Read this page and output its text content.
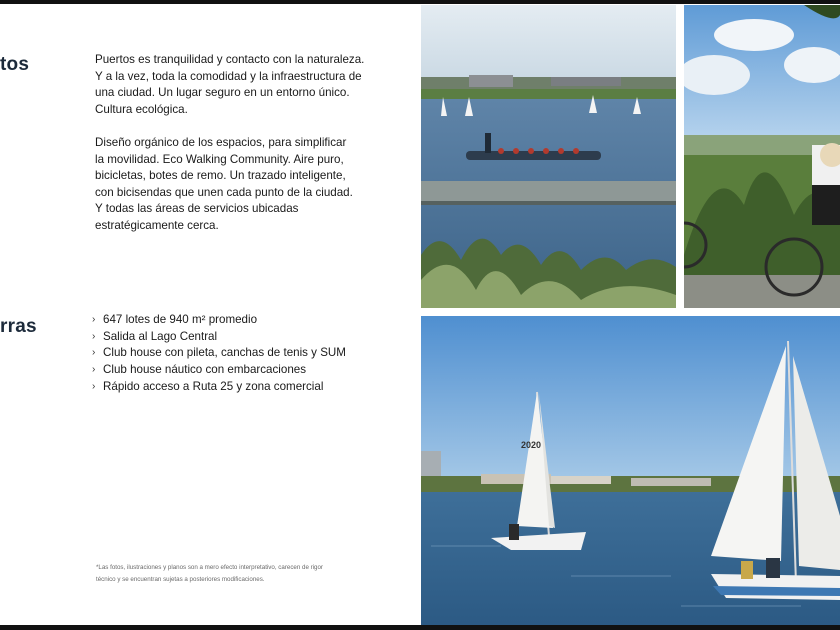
tos
rras
Puertos es tranquilidad y contacto con la naturaleza.
Y a la vez, toda la comodidad y la infraestructura de
una ciudad. Un lugar seguro en un entorno único.
Cultura ecológica.
Diseño orgánico de los espacios, para simplificar
la movilidad. Eco Walking Community. Aire puro,
bicicletas, botes de remo. Un trazado inteligente,
con bicisendas que unen cada punto de la ciudad.
Y todas las áreas de servicios ubicadas
estratégicamente cerca.
› 647 lotes de 940 m² promedio
› Salida al Lago Central
› Club house con pileta, canchas de tenis y SUM
› Club house náutico con embarcaciones
› Rápido acceso a Ruta 25 y zona comercial
*Las fotos, ilustraciones y planos son a mero efecto interpretativo, carecen de rigor
técnico y se encuentran sujetas a posteriores modificaciones.
2020
